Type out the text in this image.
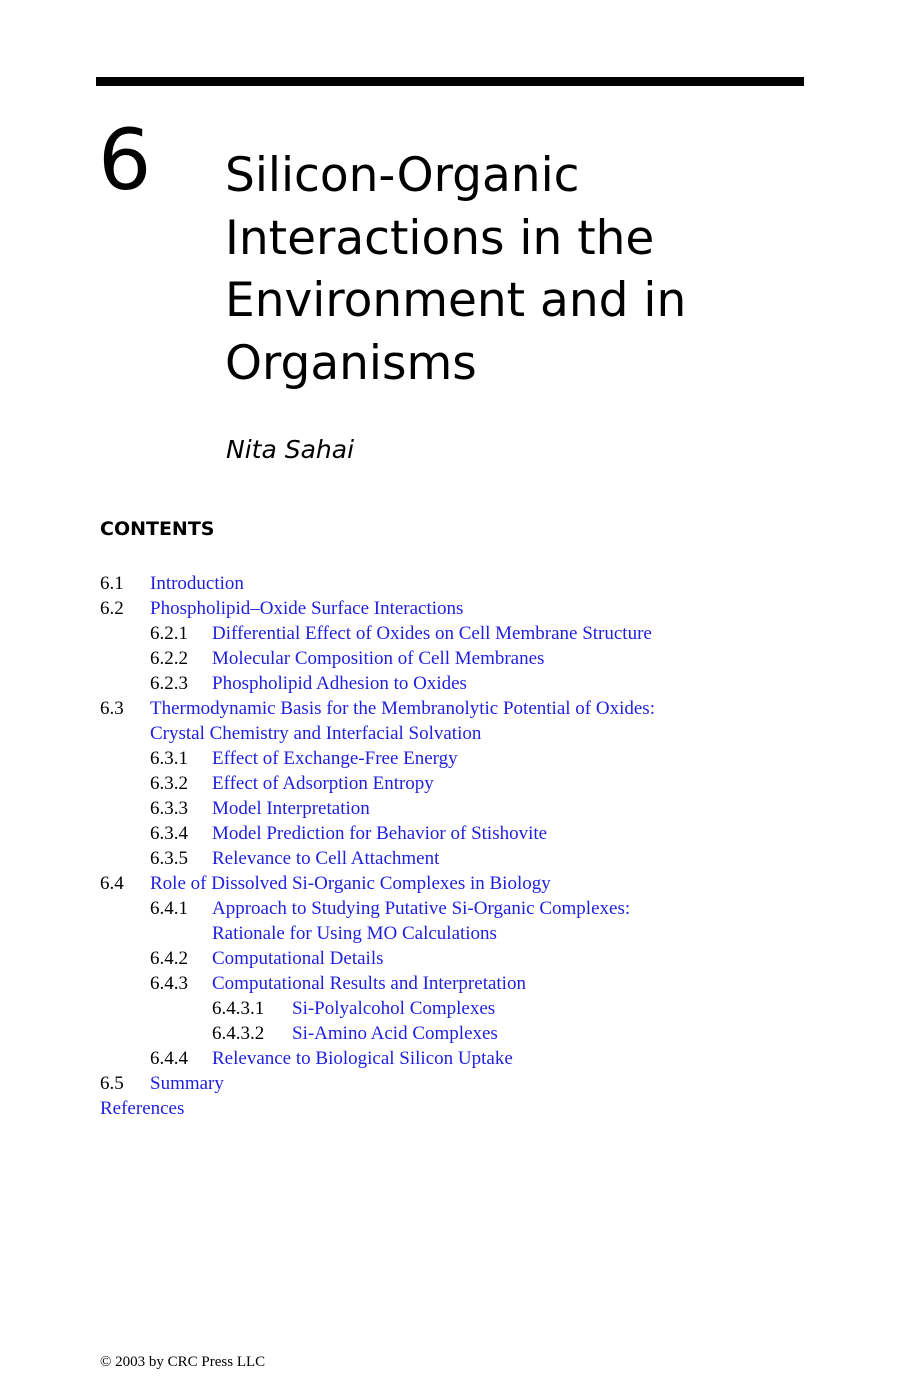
6 Silicon-Organic
Interactions in the
Environment and in
Organisms
Nita Sahai
CONTENTS
6.1 Introduction
6.2 Phospholipid–Oxide Surface Interactions
6.2.1 Differential Effect of Oxides on Cell Membrane Structure
6.2.2 Molecular Composition of Cell Membranes
6.2.3 Phospholipid Adhesion to Oxides
6.3 Thermodynamic Basis for the Membranolytic Potential of Oxides:
Crystal Chemistry and Interfacial Solvation
6.3.1 Effect of Exchange-Free Energy
6.3.2 Effect of Adsorption Entropy
6.3.3 Model Interpretation
6.3.4 Model Prediction for Behavior of Stishovite
6.3.5 Relevance to Cell Attachment
6.4 Role of Dissolved Si-Organic Complexes in Biology
6.4.1 Approach to Studying Putative Si-Organic Complexes:
Rationale for Using MO Calculations
6.4.2 Computational Details
6.4.3 Computational Results and Interpretation
6.4.3.1 Si-Polyalcohol Complexes
6.4.3.2 Si-Amino Acid Complexes
6.4.4 Relevance to Biological Silicon Uptake
6.5 Summary
References
© 2003 by CRC Press LLC
